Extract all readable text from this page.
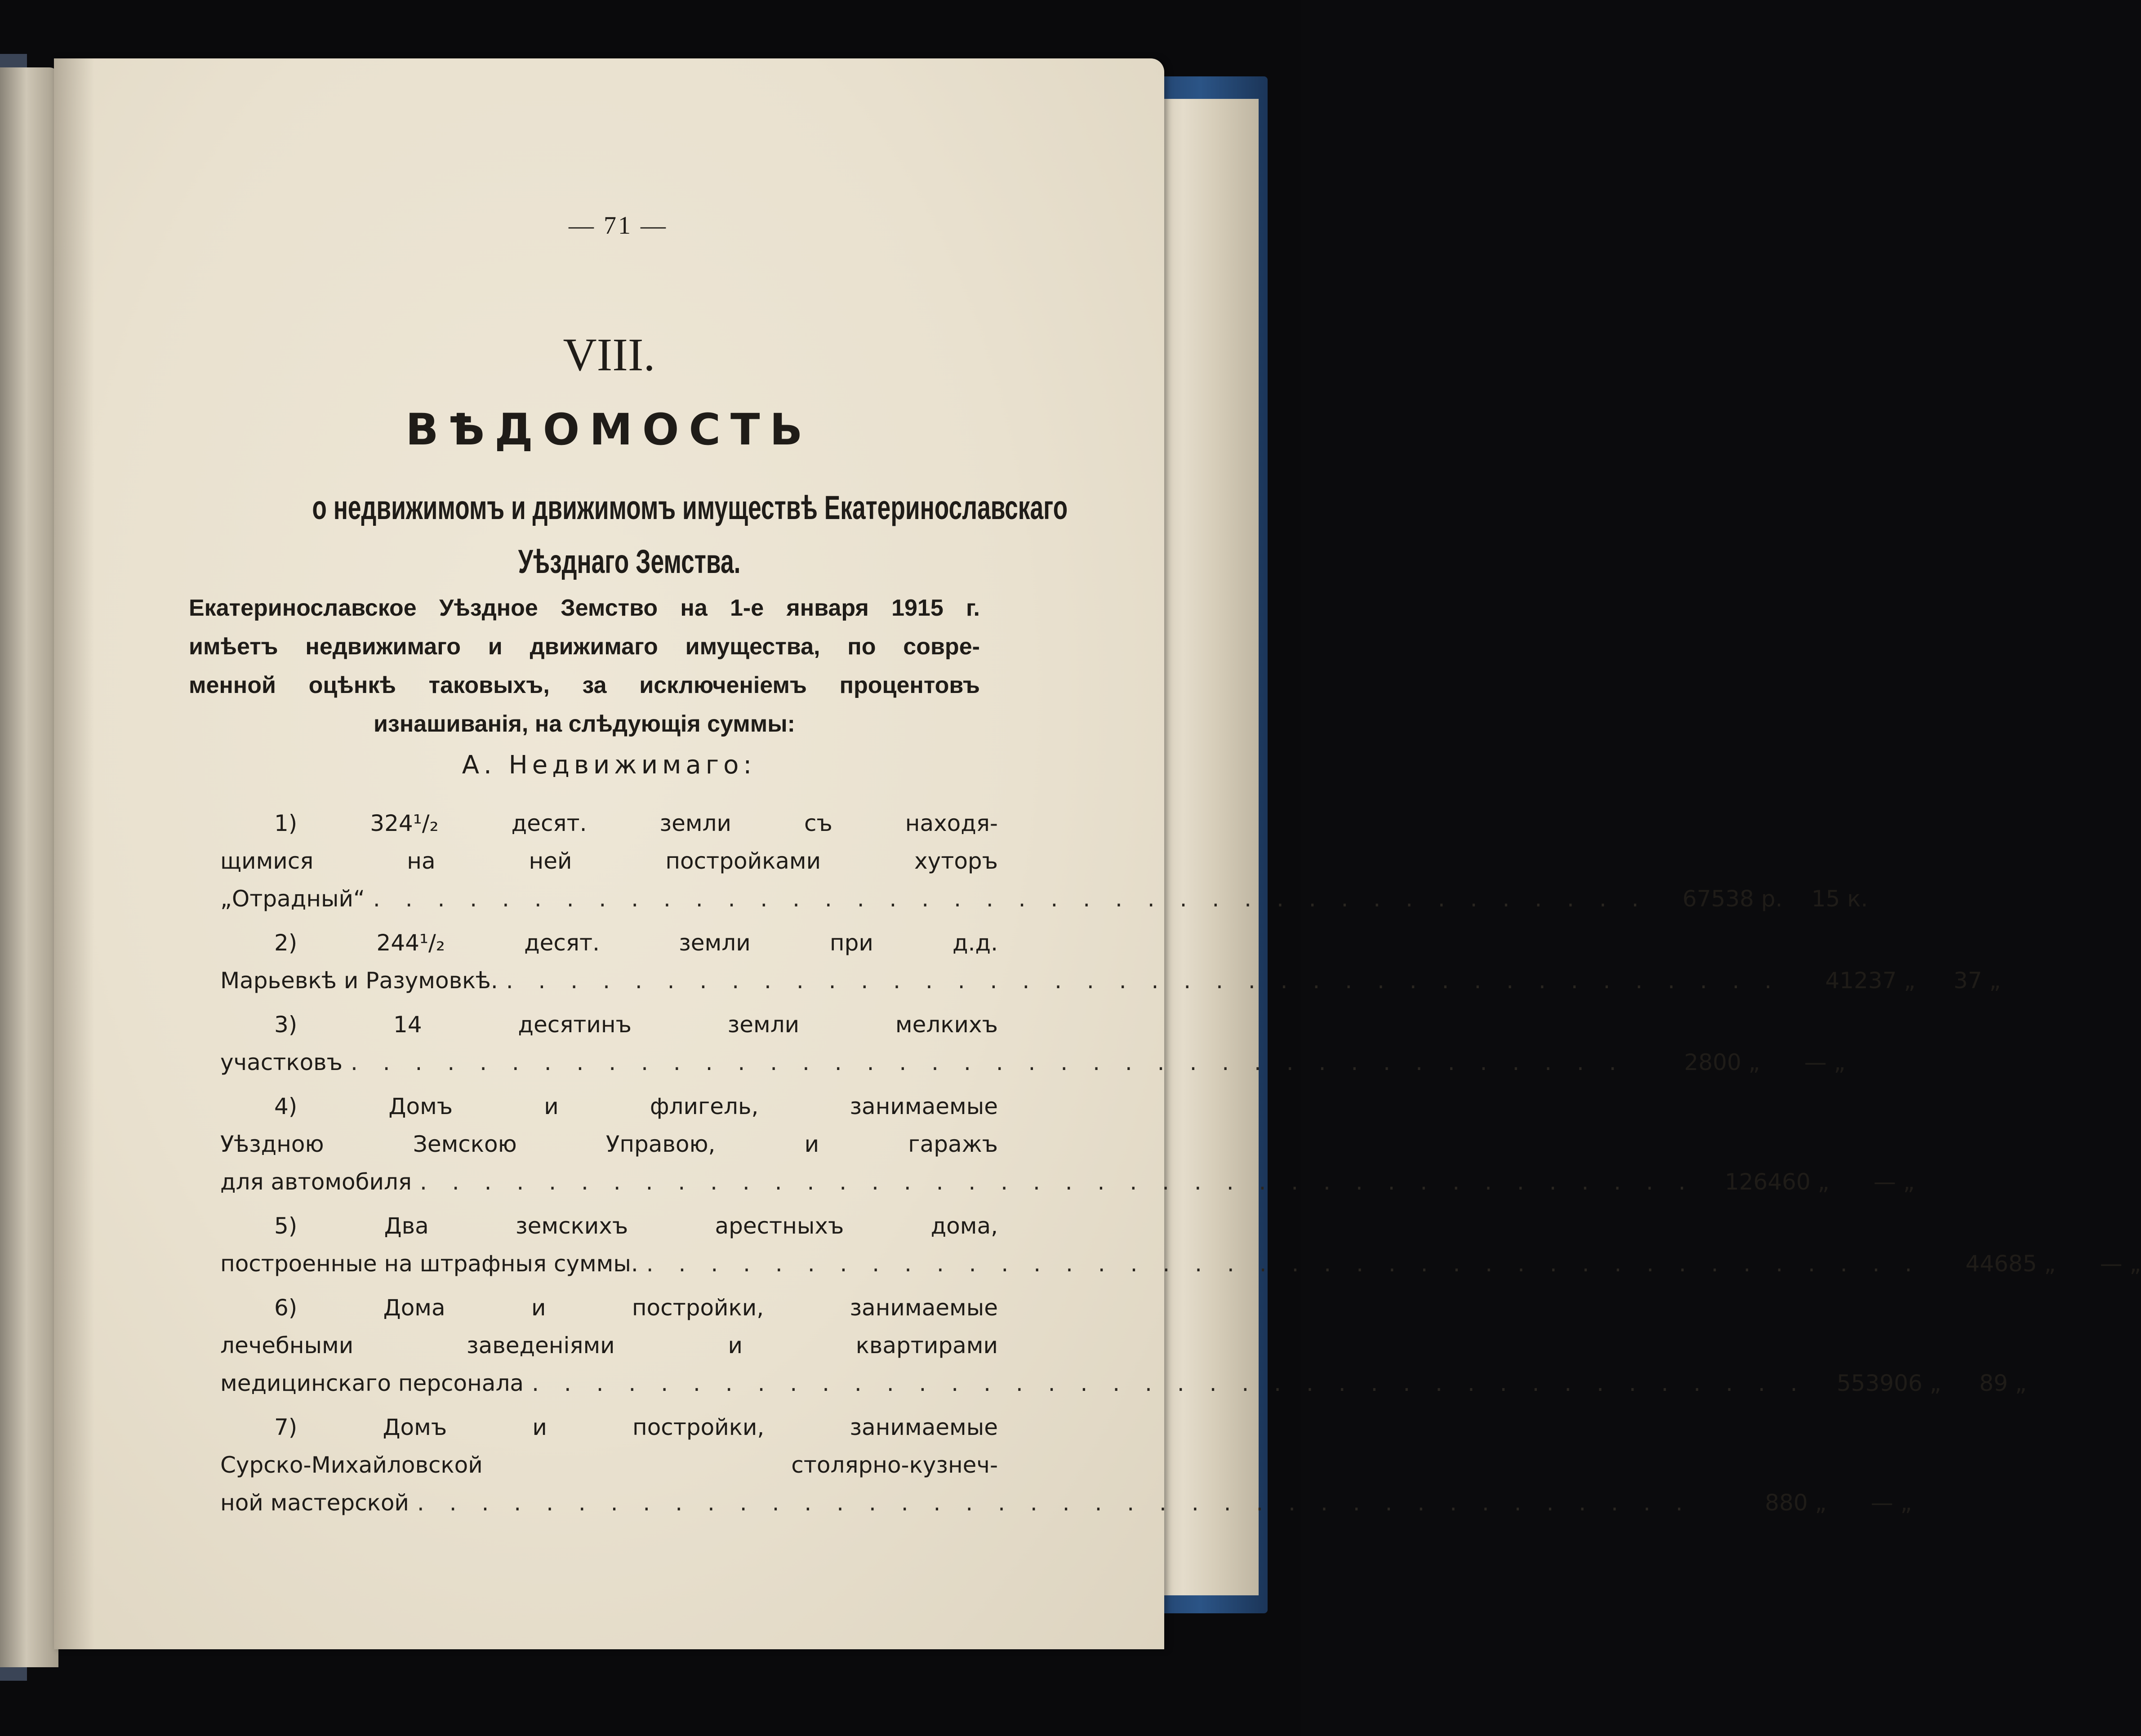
— 71 —
VIII.
ВѢДОМОСТЬ
о недвижимомъ и движимомъ имуществѣ Екатеринославскаго
Уѣзднаго Земства.
Екатеринославское Уѣздное Земство на 1-е января 1915 г.
имѣетъ недвижимаго и движимаго имущества, по совре-
менной оцѣнкѣ таковыхъ, за исключеніемъ процентовъ
изнашиванія, на слѣдующія суммы:
А. Недвижимаго:
1)	324¹/₂	десят.	земли	съ	находя-
щимися	на	ней	постройками	хуторъ
„Отрадный“ . . . . . . . . . . . . . . . . . . . . . . . . . . . . . . . . . . . . . . . .	67538 р. 15 к.
2)	244¹/₂	десят.	земли	при	д.д.
Марьевкѣ и Разумовкѣ. . . . . . . . . . . . . . . . . . . . . . . . . . . . . . . . . . . . . . . . .	41237 „ 37 „
3)	14	десятинъ	земли	мелкихъ
участковъ . . . . . . . . . . . . . . . . . . . . . . . . . . . . . . . . . . . . . . . .	2800 „ — „
4)	Домъ	и	флигель,	занимаемые
Уѣздною	Земскою	Управою,	и	гаражъ
для автомобиля . . . . . . . . . . . . . . . . . . . . . . . . . . . . . . . . . . . . . . . .	126460 „ — „
5)	Два	земскихъ	арестныхъ	дома,
построенные на штрафныя суммы. . . . . . . . . . . . . . . . . . . . . . . . . . . . . . . . . . . . . . . . .	44685 „ — „
6)	Дома	и	постройки,	занимаемые
лечебными	заведеніями	и	квартирами
медицинскаго персонала . . . . . . . . . . . . . . . . . . . . . . . . . . . . . . . . . . . . . . . .	553906 „ 89 „
7)	Домъ	и	постройки,	занимаемые
Сурско-Михайловской	столярно-кузнеч-
ной мастерской . . . . . . . . . . . . . . . . . . . . . . . . . . . . . . . . . . . . . . . .	880 „ — „
